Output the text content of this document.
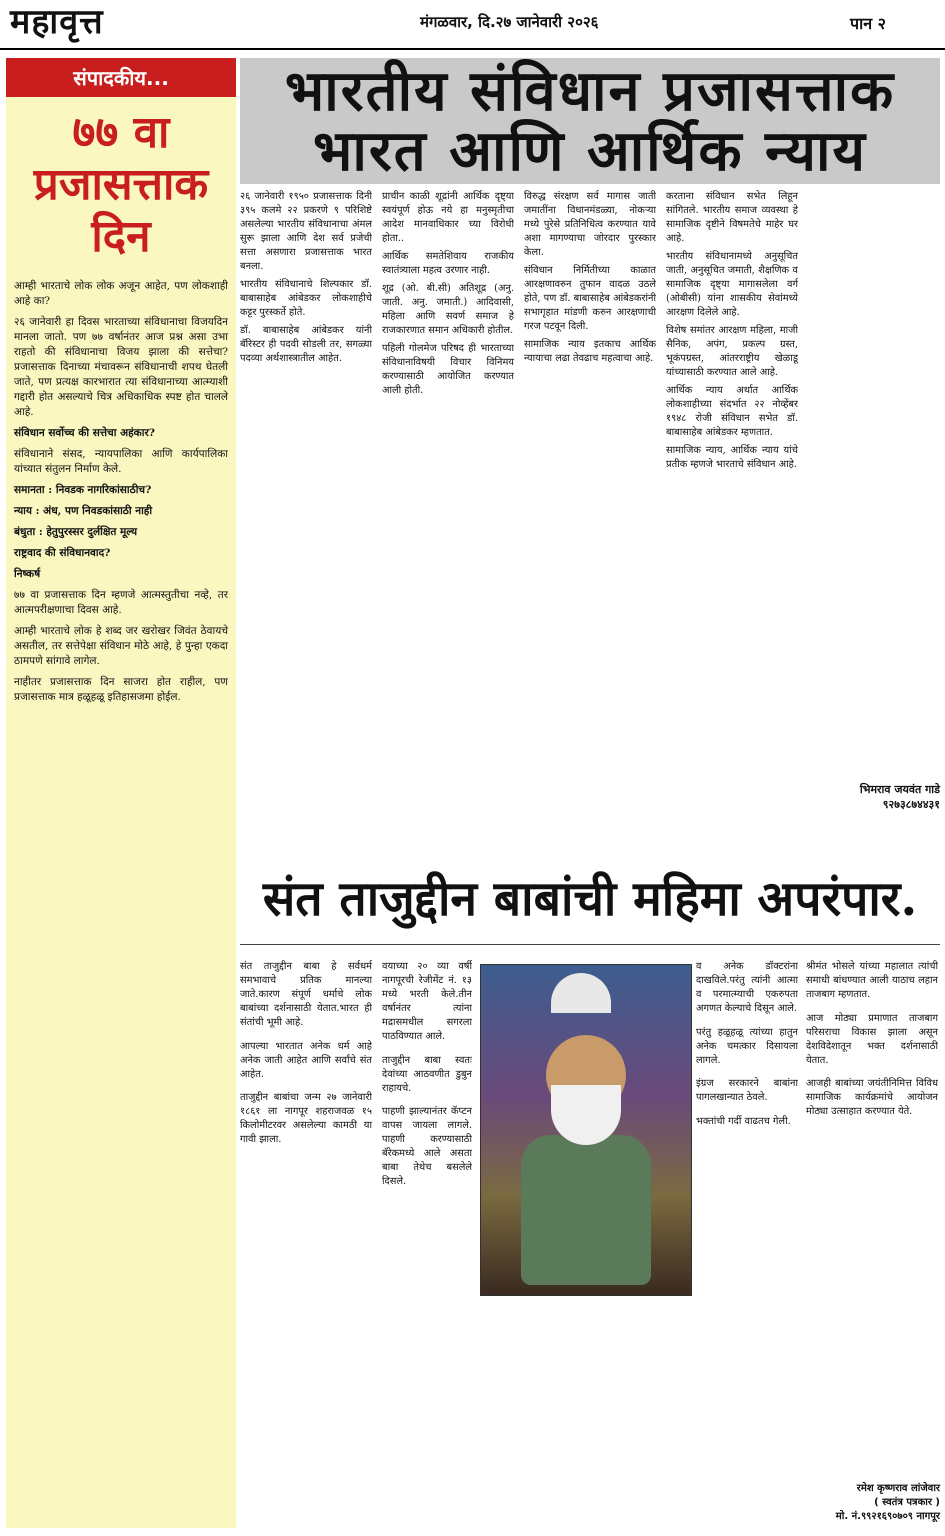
महावृत्त	मंगळवार, दि.२७ जानेवारी २०२६	पान २
संपादकीय...
७७ वा
प्रजासत्ताक दिन

आम्ही भारताचे लोक लोक अजून आहेत, पण लोकशाही आहे का?

२६ जानेवारी हा दिवस भारताच्या संविधानाचा विजयदिन मानला जातो. पण ७७ वर्षानंतर आज प्रश्न असा उभा राहतो की संविधानाचा विजय झाला की सत्तेचा? प्रजासत्ताक दिनाच्या मंचावरून संविधानाची शपथ घेतली जाते, पण प्रत्यक्ष कारभारात त्या संविधानाच्या आत्म्याशी गद्दारी होत असल्याचे चित्र अधिकाधिक स्पष्ट होत चालले आहे.

संविधान सर्वोच्च की सत्तेचा अहंकार?

संविधानाने संसद, न्यायपालिका आणि कार्यपालिका यांच्यात संतुलन निर्माण केले.

समानता : निवडक नागरिकांसाठीच?

न्याय : अंध, पण निवडकांसाठी नाही

बंधुता : हेतुपुरस्सर दुर्लक्षित मूल्य

राष्ट्रवाद की संविधानवाद?

निष्कर्ष

७७ वा प्रजासत्ताक दिन म्हणजे आत्मस्तुतीचा नव्हे, तर आत्मपरीक्षणाचा दिवस आहे.

आम्ही भारताचे लोक हे शब्द जर खरोखर जिवंत ठेवायचे असतील, तर सत्तेपेक्षा संविधान मोठे आहे, हे पुन्हा एकदा ठामपणे सांगावे लागेल.

नाहीतर प्रजासत्ताक दिन साजरा होत राहील, पण प्रजासत्ताक मात्र हळूहळू इतिहासजमा होईल.

भारतीय संविधान प्रजासत्ताक
भारत आणि आर्थिक न्याय

२६ जानेवारी १९५० प्रजासत्ताक दिनी ३९५ कलमे २२ प्रकरणे ९ परिशिष्टे असलेल्या भारतीय संविधानाचा अंमल सुरू झाला आणि देश सर्व प्रजेची सत्ता असणारा प्रजासत्ताक भारत बनला.

भारतीय संविधानाचे शिल्पकार डॉ. बाबासाहेब आंबेडकर लोकशाहीचे कट्टर पुरस्कर्ते होते.

डॉ. बाबासाहेब आंबेडकर यांनी बॅरिस्टर ही पदवी सोडली तर, सगळ्या पदव्या अर्थशास्त्रातील आहेत.

प्राचीन काळी शूद्रांनी आर्थिक दृष्ट्या स्वयंपूर्ण होऊ नये हा मनुस्मृतीचा आदेश मानवाधिकार च्या विरोधी होता..

आर्थिक समतेशिवाय राजकीय स्वातंत्र्याला महत्व उरणार नाही.

शूद्र (ओ. बी.सी) अतिशूद्र (अनु. जाती. अनु. जमाती.) आदिवासी, महिला आणि सवर्ण समाज हे राजकारणात समान अधिकारी होतील.

पहिली गोलमेज परिषद ही भारताच्या संविधानाविषयी विचार विनिमय करण्यासाठी आयोजित करण्यात आली होती.

विरुद्ध संरक्षण सर्व मागास जाती जमातींना विधानमंडळ्या, नोकऱ्या मध्ये पुरेसे प्रतिनिधित्व करण्यात यावे अशा मागण्याचा जोरदार पुरस्कार केला.

संविधान निर्मितीच्या काळात आरक्षणावरुन तुफान वादळ उठले होते, पण डॉ. बाबासाहेब आंबेडकरांनी सभागृहात मांडणी करुन आरक्षणाची गरज पटवून दिली.

सामाजिक न्याय इतकाच आर्थिक न्यायाचा लढा तेवढाच महत्वाचा आहे.

करताना संविधान सभेत लिहून सांगितले. भारतीय समाज व्यवस्था हे सामाजिक दृष्टीने विषमतेचे माहेर घर आहे.

भारतीय संविधानामध्ये अनुसूचित जाती, अनुसूचित जमाती, शैक्षणिक व सामाजिक दृष्ट्या मागासलेला वर्ग (ओबीसी) यांना शासकीय सेवांमध्ये आरक्षण दिलेले आहे.

विशेष समांतर आरक्षण महिला, माजी सैनिक, अपंग, प्रकल्प ग्रस्त, भूकंपग्रस्त, आंतरराष्ट्रीय खेळाडू यांच्यासाठी करण्यात आले आहे.

आर्थिक न्याय अर्थात आर्थिक लोकशाहीच्या संदर्भात २२ नोव्हेंबर १९४८ रोजी संविधान सभेत डॉ. बाबासाहेब आंबेडकर म्हणतात.

सामाजिक न्याय, आर्थिक न्याय यांचे प्रतीक म्हणजे भारताचे संविधान आहे.

भिमराव जयवंत गाडे
९२७३८७४४३१
संत ताजुद्दीन बाबांची महिमा अपरंपार.

संत ताजुद्दीन बाबा हे सर्वधर्म समभावाचे प्रतिक मानल्या जाते.कारण संपूर्ण धर्माचे लोक बाबांच्या दर्शनासाठी येतात.भारत ही संतांची भूमी आहे.

आपल्या भारतात अनेक धर्म आहे अनेक जाती आहेत आणि सर्वांचे संत आहेत.

ताजुद्दीन बाबांचा जन्म २७ जानेवारी १८६१ ला नागपूर शहराजवळ १५ किलोमीटरवर असलेल्या कामठी या गावी झाला.

वयाच्या २० व्या वर्षी नागपूरची रेजीमेंट नं. १३ मध्ये भरती केले.तीन वर्षानंतर त्यांना मद्रासमधील सगरला पाठविण्यात आले.

ताजुद्दीन बाबा स्वतः देवांच्या आठवणीत डुबुन राहायचे.

पाहणी झाल्यानंतर कॅप्टन वापस जायला लागले. पाहणी करण्यासाठी बॅरेकमध्ये आले असता बाबा तेथेच बसलेले दिसले.

व अनेक डॉक्टरांना दाखविले.परंतु त्यांनी आत्मा व परमात्म्याची एकरुपता अगणत केल्याचे दिसून आले.

परंतु हळूहळू त्यांच्या हातुन अनेक चमत्कार दिसायला लागले.

इंग्रज सरकारने बाबांना पागलखान्यात ठेवले.

भक्तांची गर्दी वाढतच गेली.

श्रीमंत भोसले यांच्या महालात त्यांची समाधी बांधण्यात आली याठाच लहान ताजबाग म्हणतात.

आज मोठ्या प्रमाणात ताजबाग परिसराचा विकास झाला असून देशविदेशातून भक्त दर्शनासाठी येतात.

आजही बाबांच्या जयंतीनिमित्त विविध सामाजिक कार्यक्रमांचे आयोजन मोठ्या उत्साहात करण्यात येते.

रमेश कृष्णराव लांजेवार
( स्वतंत्र पत्रकार )
मो. नं.९९२१६९०७०९ नागपूर
